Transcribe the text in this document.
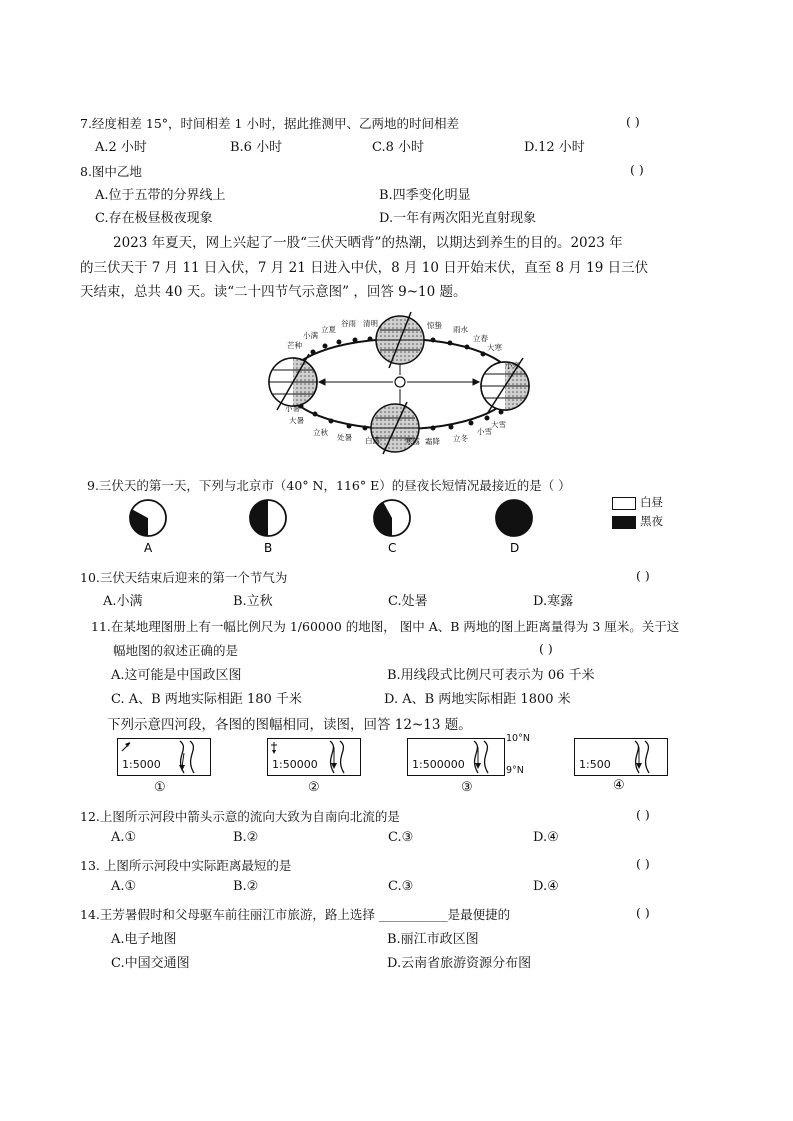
7.经度相差 15°，时间相差 1 小时，据此推测甲、乙两地的时间相差	( )
A.2 小时	B.6 小时	C.8 小时	D.12 小时
8.图中乙地	( )
A.位于五带的分界线上	B.四季变化明显
C.存在极昼极夜现象	D.一年有两次阳光直射现象
2023 年夏天，网上兴起了一股“三伏天晒背”的热潮，以期达到养生的目的。2023 年
的三伏天于 7 月 11 日入伏，7 月 21 日进入中伏，8 月 10 日开始末伏，直至 8 月 19 日三伏
天结束，总共 40 天。读“二十四节气示意图” ，回答 9~10 题。
谷雨 清明	惊蛰 雨水
立春
大寒
小寒
大雪
小雪
立冬
霜降
寒露
白露
处暑
立秋
大暑
小暑
芒种
小满
立夏
9.三伏天的第一天，下列与北京市（40° N，116° E）的昼夜长短情况最接近的是（ ）
A	B	C	D
白昼
黑夜
10.三伏天结束后迎来的第一个节气为	( )
A.小满	B.立秋	C.处暑	D.寒露
11.在某地理图册上有一幅比例尺为 1/60000 的地图， 图中 A、B 两地的图上距离量得为 3 厘米。关于这
幅地图的叙述正确的是	( )
A.这可能是中国政区图	B.用线段式比例尺可表示为 06 千米
C. A、B 两地实际相距 180 千米	D. A、B 两地实际相距 1800 米
下列示意四河段，各图的图幅相同，读图，回答 12~13 题。
1:5000
①
1:50000
②
1:500000
10°N
9°N
③
1:500
④
12.上图所示河段中箭头示意的流向大致为自南向北流的是	( )
A.①	B.②	C.③	D.④
13. 上图所示河段中实际距离最短的是	( )
A.①	B.②	C.③	D.④
14.王芳暑假时和父母驱车前往丽江市旅游，路上选择 ___________是最便捷的	( )
A.电子地图	B.丽江市政区图
C.中国交通图	D.云南省旅游资源分布图
